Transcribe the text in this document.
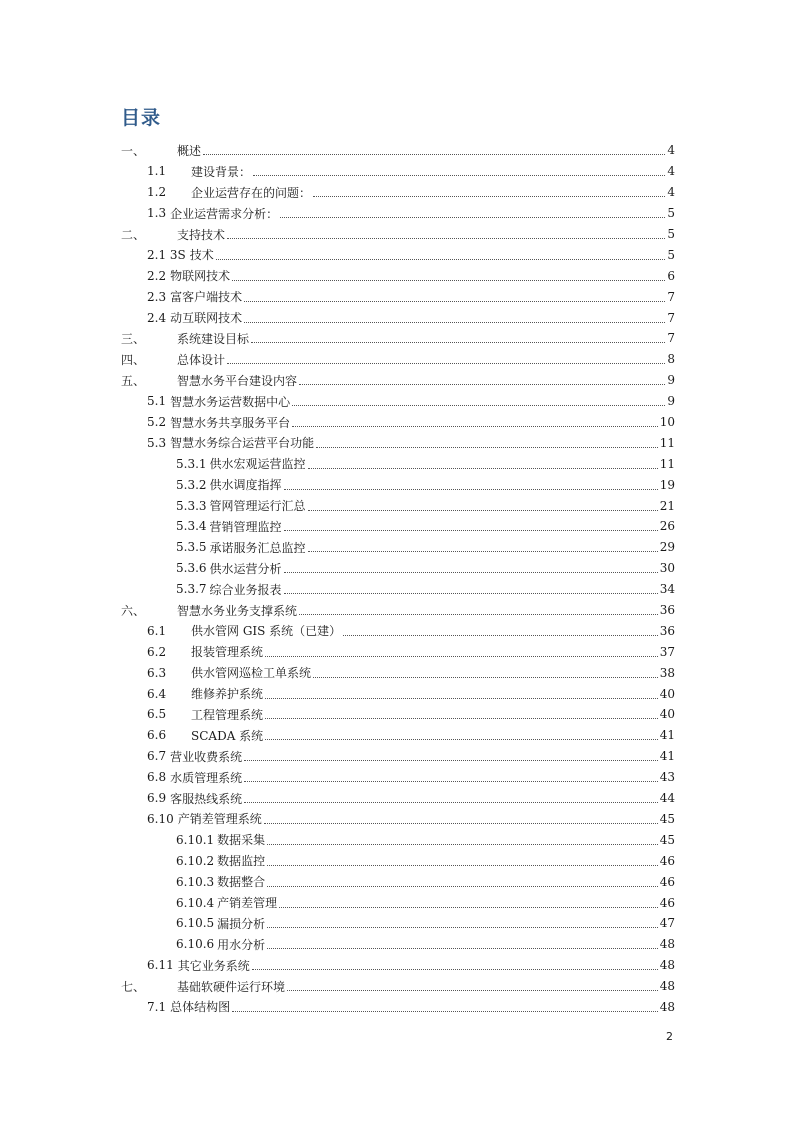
目录
一、	概述	4
1.1	建设背景：	4
1.2	企业运营存在的问题：	4
1.3 企业运营需求分析：	5
二、	支持技术	5
2.1 3S 技术	5
2.2 物联网技术	6
2.3 富客户端技术	7
2.4 动互联网技术	7
三、	系统建设目标	7
四、	总体设计	8
五、	智慧水务平台建设内容	9
5.1 智慧水务运营数据中心	9
5.2 智慧水务共享服务平台	10
5.3 智慧水务综合运营平台功能	11
5.3.1 供水宏观运营监控	11
5.3.2 供水调度指挥	19
5.3.3 管网管理运行汇总	21
5.3.4 营销管理监控	26
5.3.5 承诺服务汇总监控	29
5.3.6 供水运营分析	30
5.3.7 综合业务报表	34
六、	智慧水务业务支撑系统	36
6.1	供水管网 GIS 系统（已建）	36
6.2	报装管理系统	37
6.3	供水管网巡检工单系统	38
6.4	维修养护系统	40
6.5	工程管理系统	40
6.6	SCADA 系统	41
6.7 营业收费系统	41
6.8 水质管理系统	43
6.9 客服热线系统	44
6.10 产销差管理系统	45
6.10.1 数据采集	45
6.10.2 数据监控	46
6.10.3 数据整合	46
6.10.4 产销差管理	46
6.10.5 漏损分析	47
6.10.6 用水分析	48
6.11 其它业务系统	48
七、	基础软硬件运行环境	48
7.1 总体结构图	48
2
